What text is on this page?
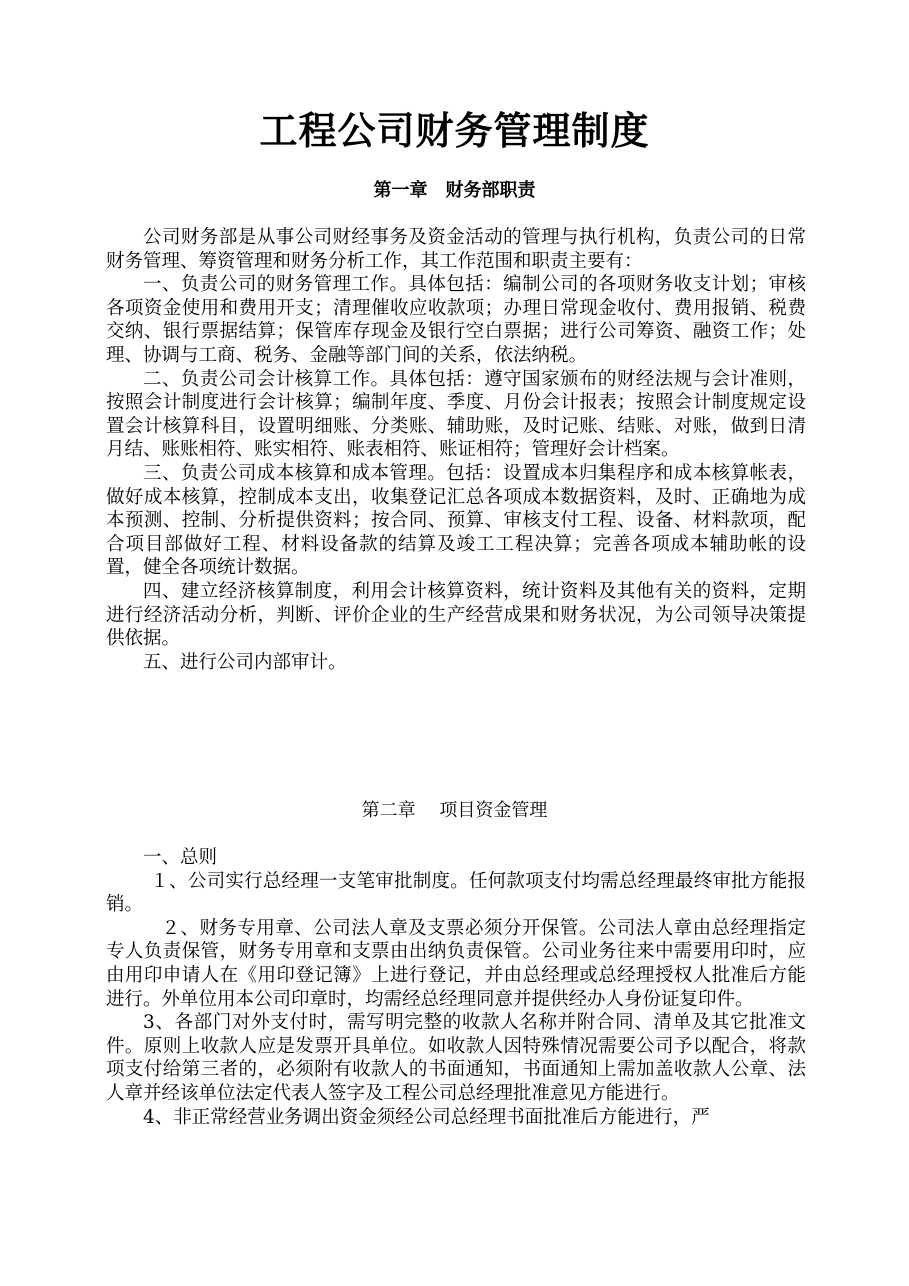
工程公司财务管理制度
第一章　财务部职责

公司财务部是从事公司财经事务及资金活动的管理与执行机构，负责公司的日常财务管理、筹资管理和财务分析工作，其工作范围和职责主要有：

一、负责公司的财务管理工作。具体包括：编制公司的各项财务收支计划；审核各项资金使用和费用开支；清理催收应收款项；办理日常现金收付、费用报销、税费交纳、银行票据结算；保管库存现金及银行空白票据；进行公司筹资、融资工作；处理、协调与工商、税务、金融等部门间的关系，依法纳税。

二、负责公司会计核算工作。具体包括：遵守国家颁布的财经法规与会计准则，按照会计制度进行会计核算；编制年度、季度、月份会计报表；按照会计制度规定设置会计核算科目，设置明细账、分类账、辅助账，及时记账、结账、对账，做到日清月结、账账相符、账实相符、账表相符、账证相符；管理好会计档案。

三、负责公司成本核算和成本管理。包括：设置成本归集程序和成本核算帐表，做好成本核算，控制成本支出，收集登记汇总各项成本数据资料，及时、正确地为成本预测、控制、分析提供资料；按合同、预算、审核支付工程、设备、材料款项，配合项目部做好工程、材料设备款的结算及竣工工程决算；完善各项成本辅助帐的设置，健全各项统计数据。

四、建立经济核算制度，利用会计核算资料，统计资料及其他有关的资料，定期进行经济活动分析，判断、评价企业的生产经营成果和财务状况，为公司领导决策提供依据。

五、进行公司内部审计。

第二章　 项目资金管理

一、总则

１、公司实行总经理一支笔审批制度。任何款项支付均需总经理最终审批方能报销。

２、财务专用章、公司法人章及支票必须分开保管。公司法人章由总经理指定专人负责保管，财务专用章和支票由出纳负责保管。公司业务往来中需要用印时，应由用印申请人在《用印登记簿》上进行登记，并由总经理或总经理授权人批准后方能进行。外单位用本公司印章时，均需经总经理同意并提供经办人身份证复印件。

3、各部门对外支付时，需写明完整的收款人名称并附合同、清单及其它批准文件。原则上收款人应是发票开具单位。如收款人因特殊情况需要公司予以配合，将款项支付给第三者的，必须附有收款人的书面通知，书面通知上需加盖收款人公章、法人章并经该单位法定代表人签字及工程公司总经理批准意见方能进行。

4、非正常经营业务调出资金须经公司总经理书面批准后方能进行，严
